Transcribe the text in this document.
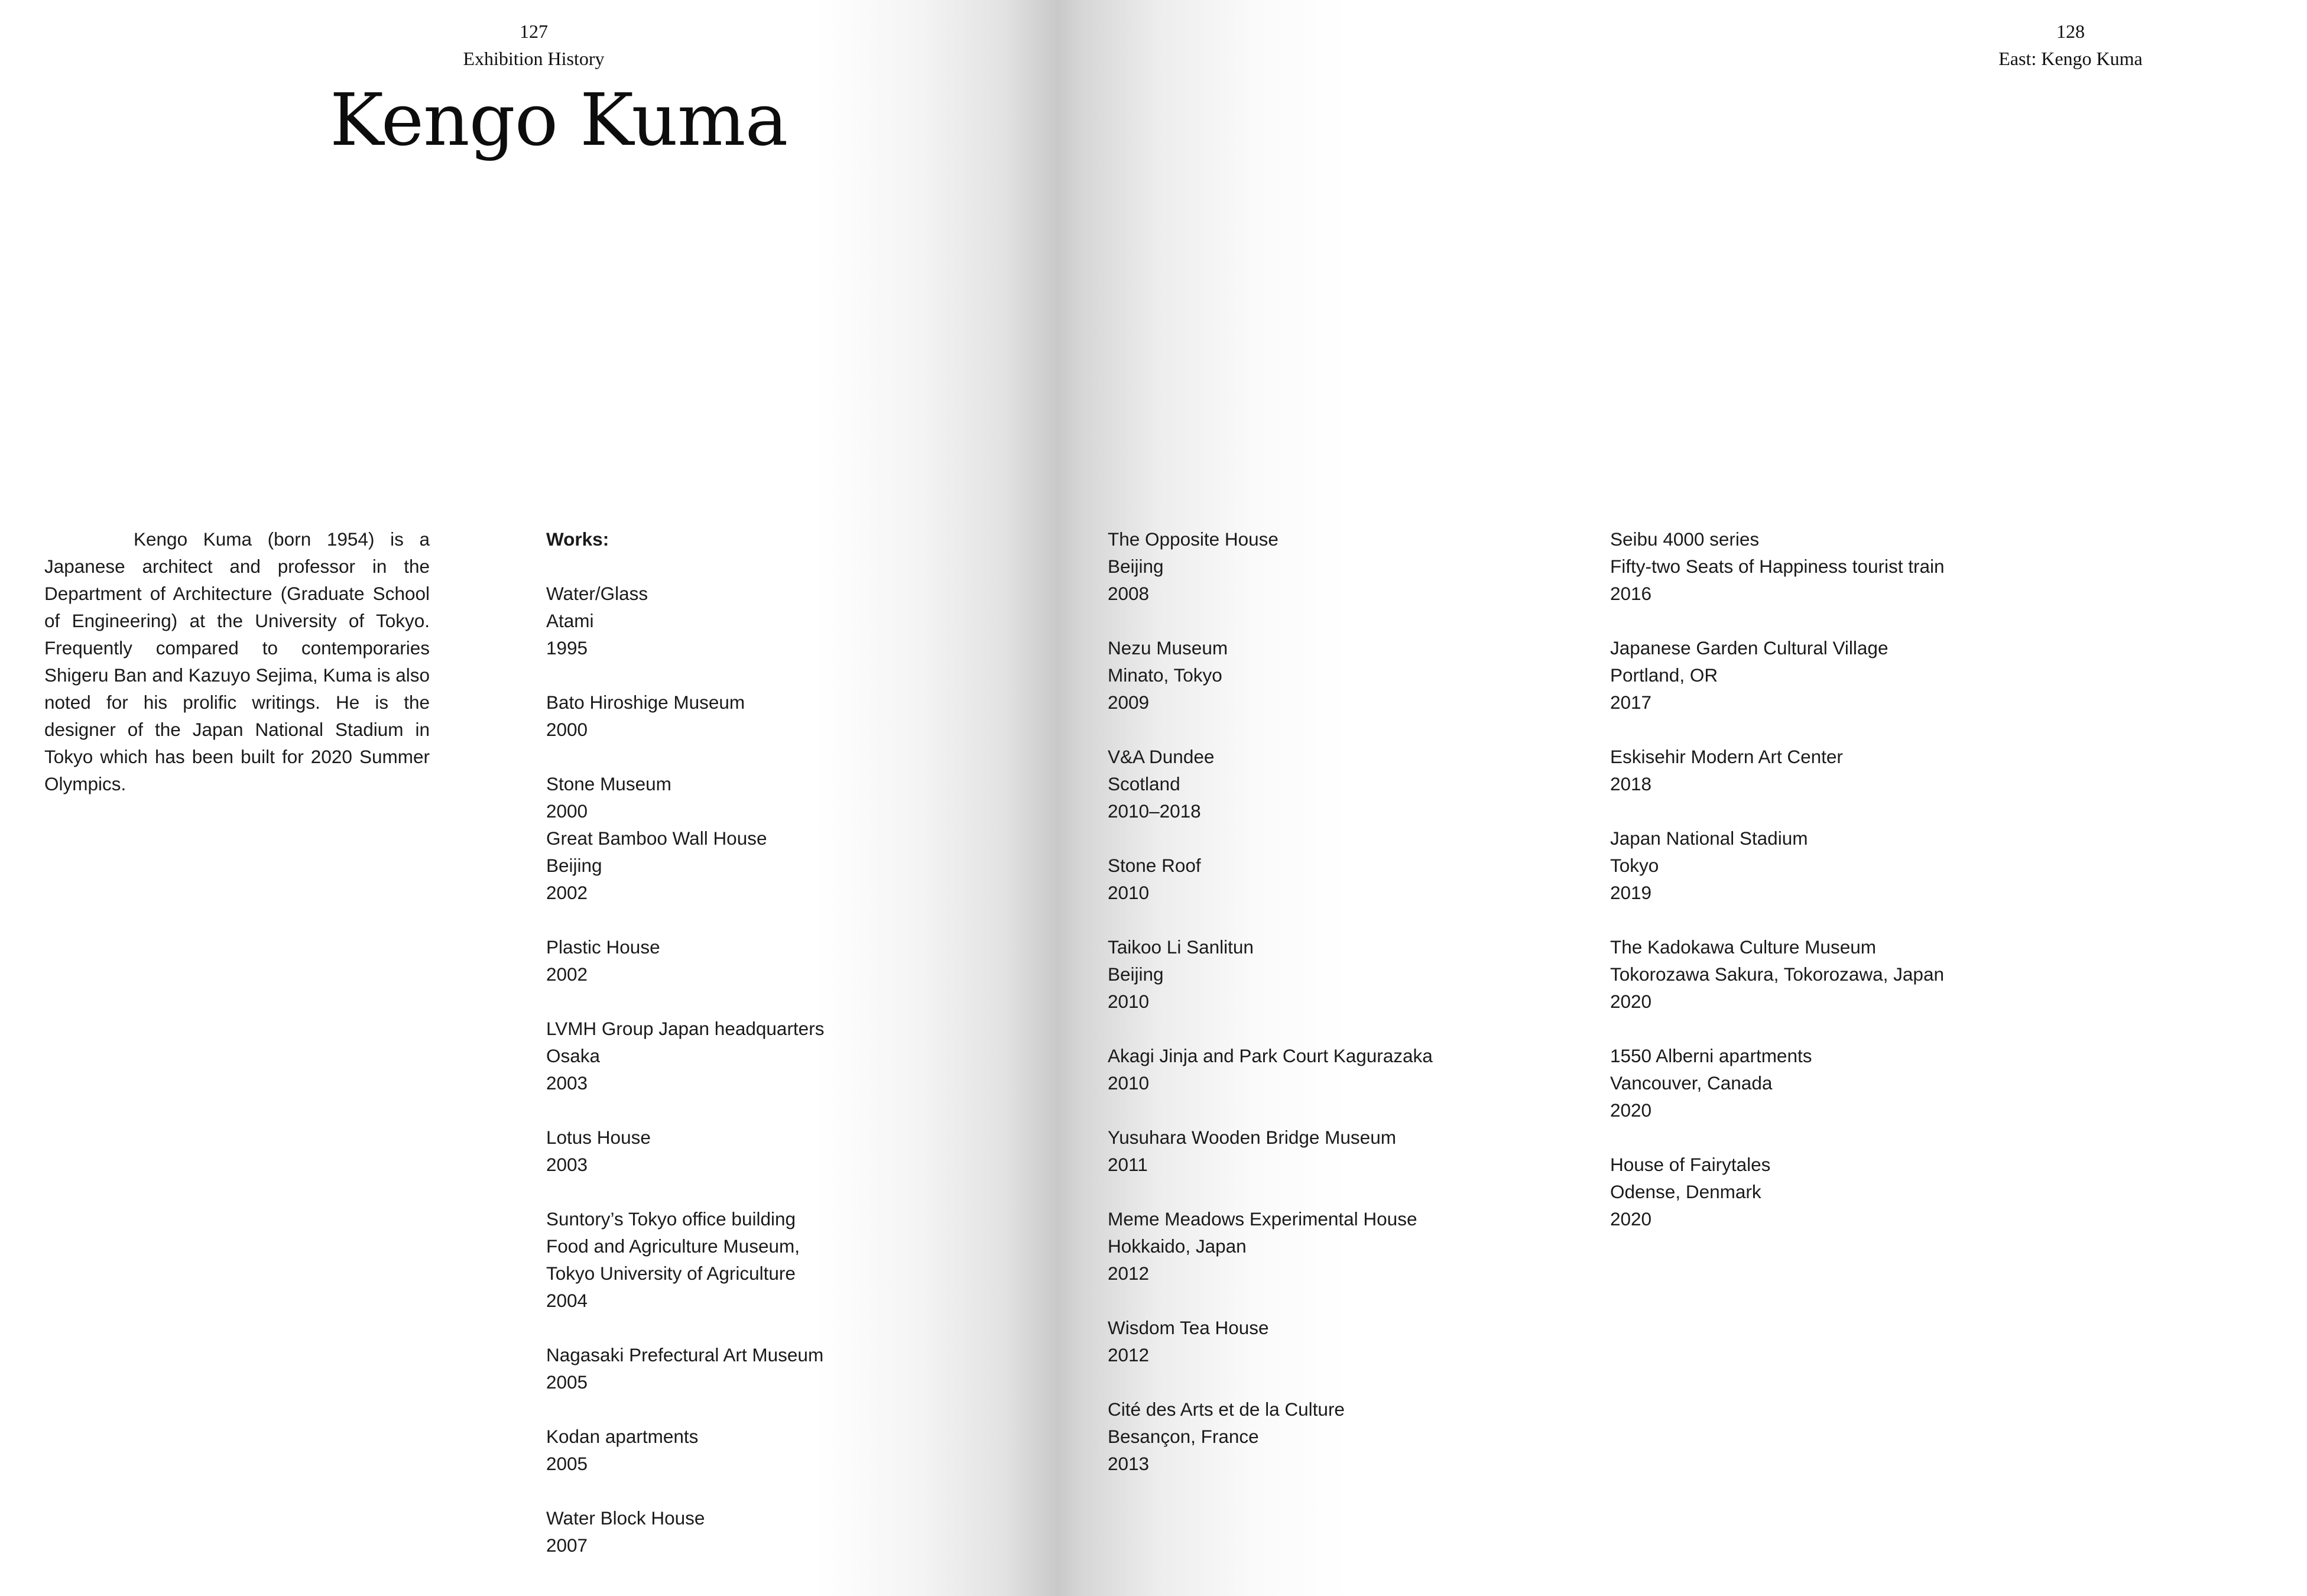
127
Exhibition History
Kengo Kuma

Kengo Kuma (born 1954) is a Japanese architect and professor in the Department of Architecture (Graduate School of Engineering) at the University of Tokyo. Frequently compared to contemporaries Shigeru Ban and Kazuyo Sejima, Kuma is also noted for his prolific writings. He is the designer of the Japan National Stadium in Tokyo which has been built for 2020 Summer Olympics.

Works:
Water/Glass
Atami
1995
Bato Hiroshige Museum
2000
Stone Museum
2000
Great Bamboo Wall House
Beijing
2002
Plastic House
2002
LVMH Group Japan headquarters
Osaka
2003
Lotus House
2003
Suntory’s Tokyo office building
Food and Agriculture Museum,
Tokyo University of Agriculture
2004
Nagasaki Prefectural Art Museum
2005
Kodan apartments
2005
Water Block House
2007
128
East: Kengo Kuma
The Opposite House
Beijing
2008
Nezu Museum
Minato, Tokyo
2009
V&A Dundee
Scotland
2010–2018
Stone Roof
2010
Taikoo Li Sanlitun
Beijing
2010
Akagi Jinja and Park Court Kagurazaka
2010
Yusuhara Wooden Bridge Museum
2011
Meme Meadows Experimental House
Hokkaido, Japan
2012
Wisdom Tea House
2012
Cité des Arts et de la Culture
Besançon, France
2013
Seibu 4000 series
Fifty-two Seats of Happiness tourist train
2016
Japanese Garden Cultural Village
Portland, OR
2017
Eskisehir Modern Art Center
2018
Japan National Stadium
Tokyo
2019
The Kadokawa Culture Museum
Tokorozawa Sakura, Tokorozawa, Japan
2020
1550 Alberni apartments
Vancouver, Canada
2020
House of Fairytales
Odense, Denmark
2020
